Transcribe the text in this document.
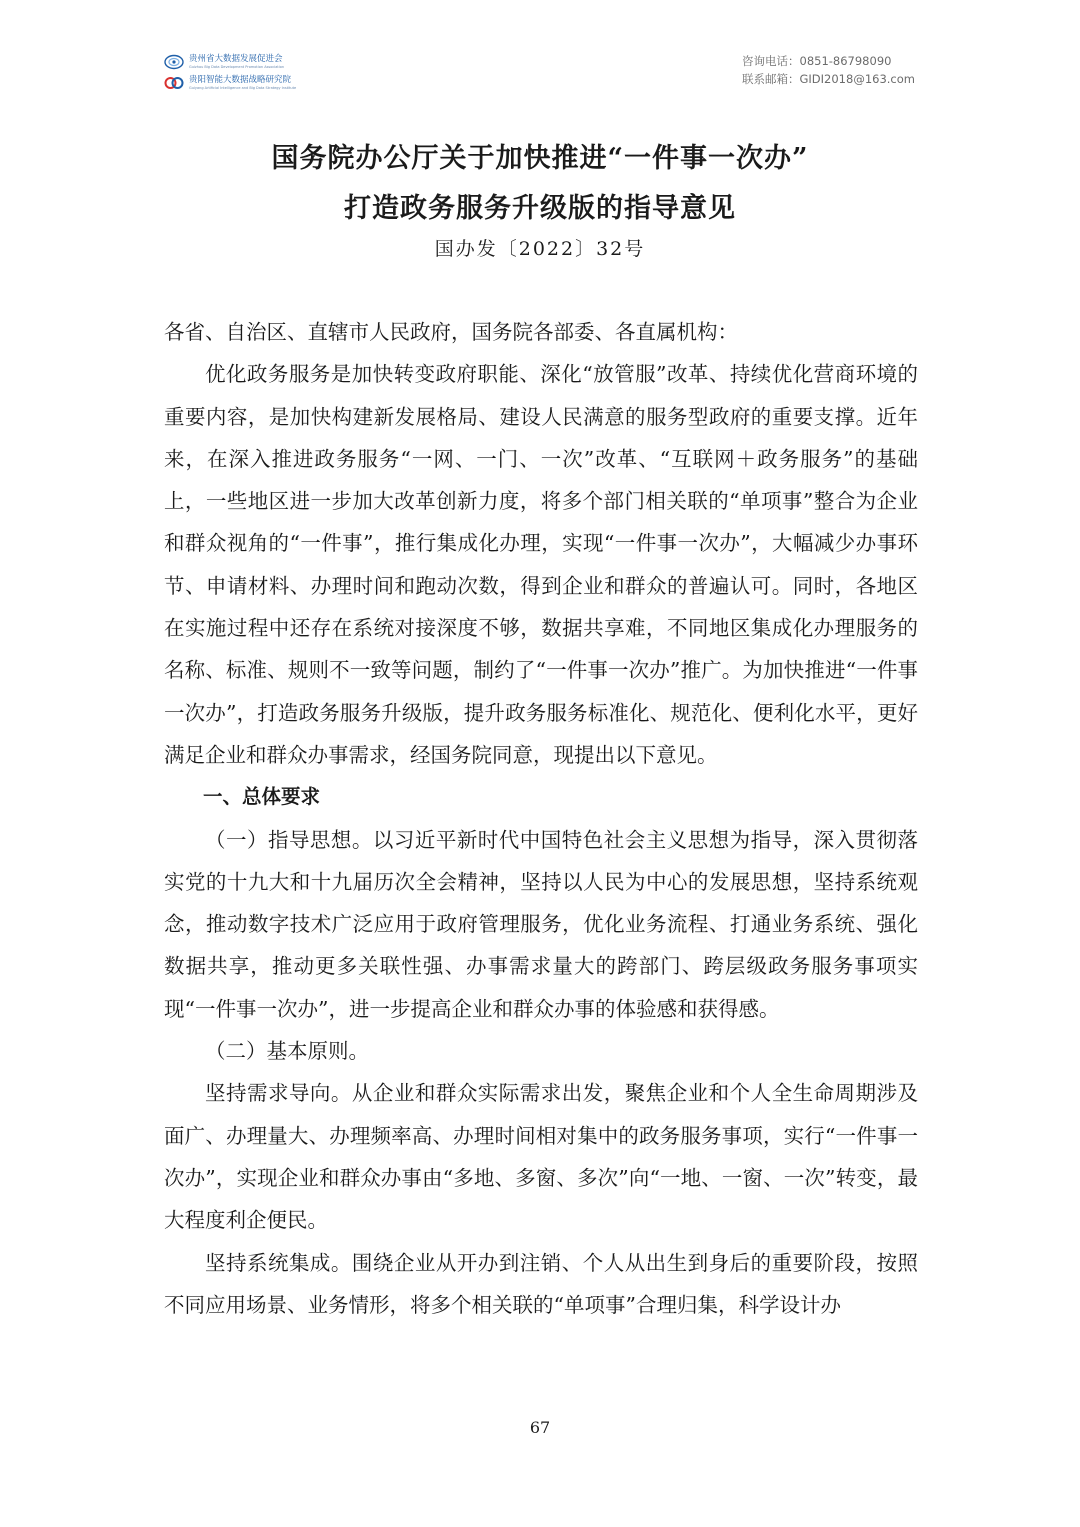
贵州省大数据发展促进会
Guizhou Big Data Development Promotion Association
贵阳智能大数据战略研究院
Guiyang Artificial Intelligence and Big Data Strategy Institute
咨询电话：0851-86798090
联系邮箱：GIDI2018@163.com
国务院办公厅关于加快推进“一件事一次办”
打造政务服务升级版的指导意见
国办发〔2022〕32号

各省、自治区、直辖市人民政府，国务院各部委、各直属机构：

优化政务服务是加快转变政府职能、深化“放管服”改革、持续优化营商环境的重要内容，是加快构建新发展格局、建设人民满意的服务型政府的重要支撑。近年来，在深入推进政务服务“一网、一门、一次”改革、“互联网＋政务服务”的基础上，一些地区进一步加大改革创新力度，将多个部门相关联的“单项事”整合为企业和群众视角的“一件事”，推行集成化办理，实现“一件事一次办”，大幅减少办事环节、申请材料、办理时间和跑动次数，得到企业和群众的普遍认可。同时，各地区在实施过程中还存在系统对接深度不够，数据共享难，不同地区集成化办理服务的名称、标准、规则不一致等问题，制约了“一件事一次办”推广。为加快推进“一件事一次办”，打造政务服务升级版，提升政务服务标准化、规范化、便利化水平，更好满足企业和群众办事需求，经国务院同意，现提出以下意见。

一、总体要求

（一）指导思想。以习近平新时代中国特色社会主义思想为指导，深入贯彻落实党的十九大和十九届历次全会精神，坚持以人民为中心的发展思想，坚持系统观念，推动数字技术广泛应用于政府管理服务，优化业务流程、打通业务系统、强化数据共享，推动更多关联性强、办事需求量大的跨部门、跨层级政务服务事项实现“一件事一次办”，进一步提高企业和群众办事的体验感和获得感。

（二）基本原则。

坚持需求导向。从企业和群众实际需求出发，聚焦企业和个人全生命周期涉及面广、办理量大、办理频率高、办理时间相对集中的政务服务事项，实行“一件事一次办”，实现企业和群众办事由“多地、多窗、多次”向“一地、一窗、一次”转变，最大程度利企便民。

坚持系统集成。围绕企业从开办到注销、个人从出生到身后的重要阶段，按照不同应用场景、业务情形，将多个相关联的“单项事”合理归集，科学设计办

67
